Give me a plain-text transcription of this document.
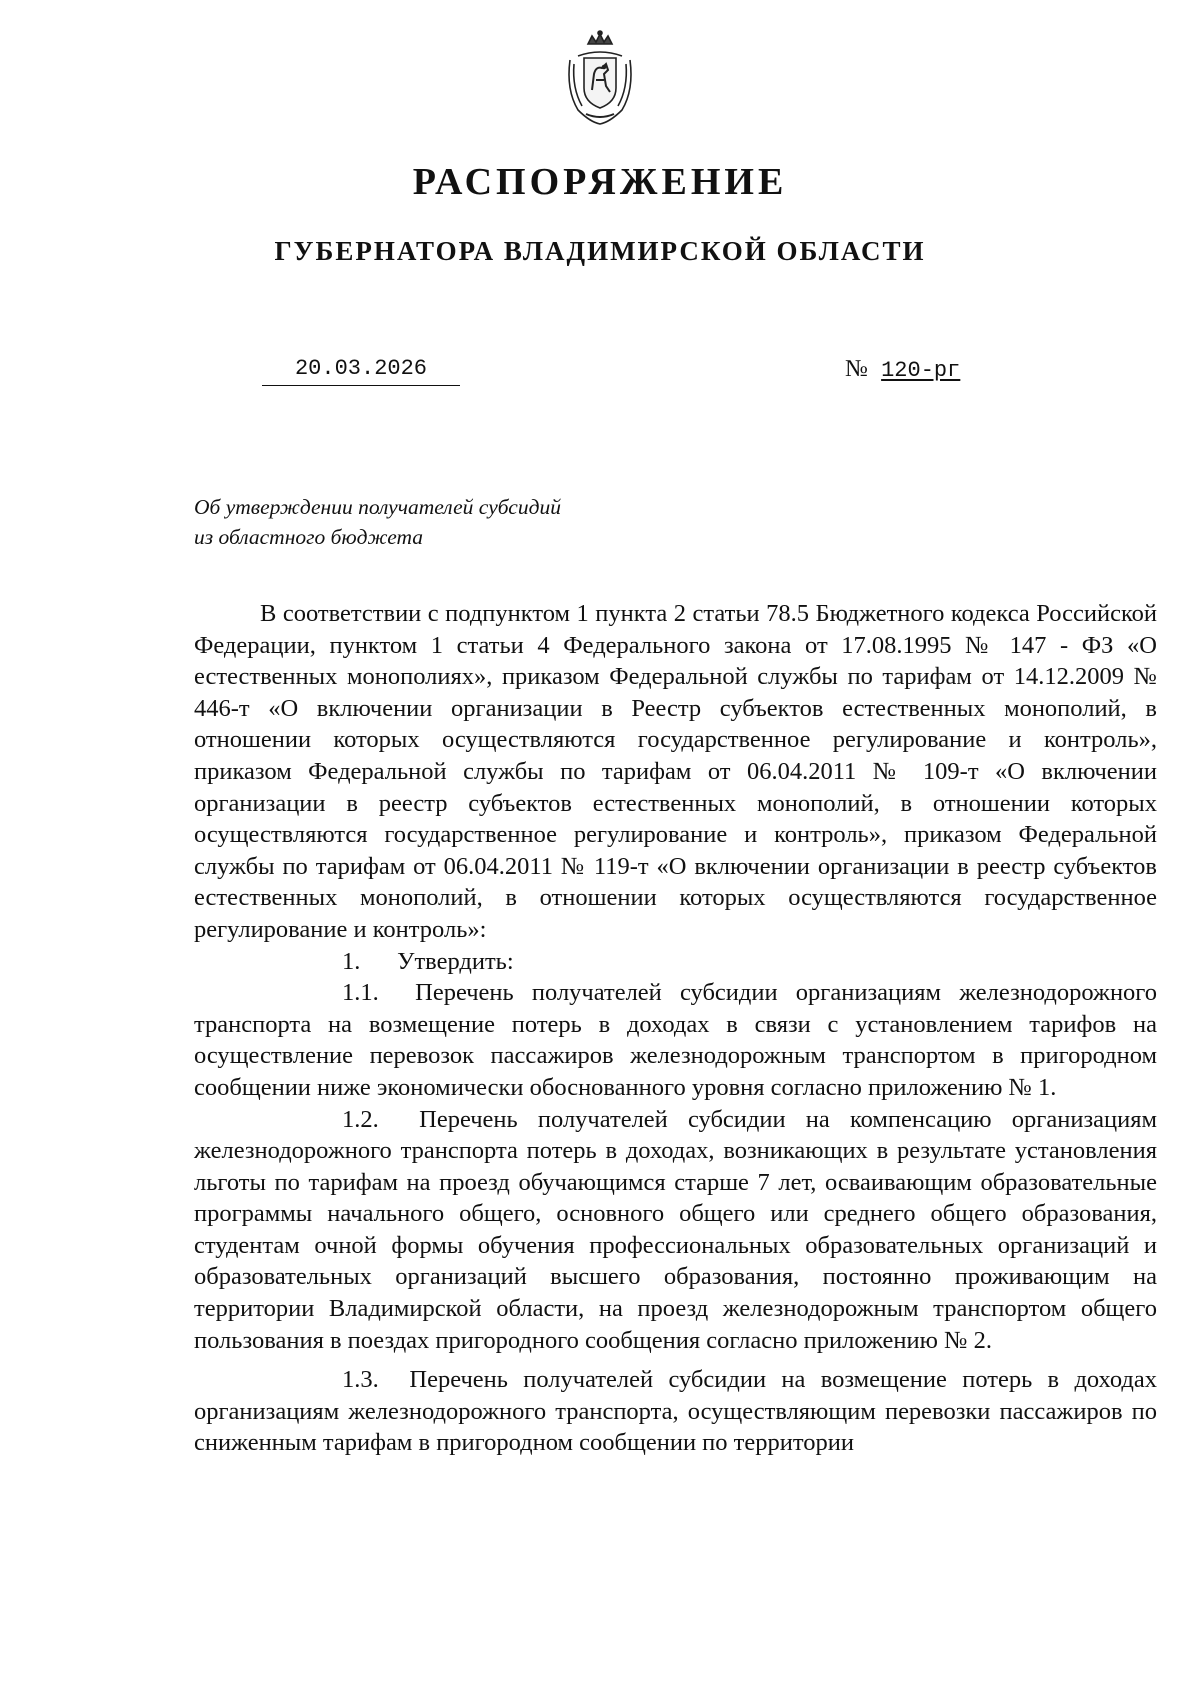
РАСПОРЯЖЕНИЕ
ГУБЕРНАТОРА ВЛАДИМИРСКОЙ ОБЛАСТИ
20.03.2026	№ 120-рг
Об утверждении получателей субсидий
из областного бюджета

В соответствии с подпунктом 1 пункта 2 статьи 78.5 Бюджетного кодекса Российской Федерации, пунктом 1 статьи 4 Федерального закона от 17.08.1995 № 147 - ФЗ «О естественных монополиях», приказом Федеральной службы по тарифам от 14.12.2009 № 446-т «О включении организации в Реестр субъектов естественных монополий, в отношении которых осуществляются государственное регулирование и контроль», приказом Федеральной службы по тарифам от 06.04.2011 № 109-т «О включении организации в реестр субъектов естественных монополий, в отношении которых осуществляются государственное регулирование и контроль», приказом Федеральной службы по тарифам от 06.04.2011 № 119-т «О включении организации в реестр субъектов естественных монополий, в отношении которых осуществляются государственное регулирование и контроль»:

1. Утвердить:

1.1. Перечень получателей субсидии организациям железнодорожного транспорта на возмещение потерь в доходах в связи с установлением тарифов на осуществление перевозок пассажиров железнодорожным транспортом в пригородном сообщении ниже экономически обоснованного уровня согласно приложению № 1.

1.2. Перечень получателей субсидии на компенсацию организациям железнодорожного транспорта потерь в доходах, возникающих в результате установления льготы по тарифам на проезд обучающимся старше 7 лет, осваивающим образовательные программы начального общего, основного общего или среднего общего образования, студентам очной формы обучения профессиональных образовательных организаций и образовательных организаций высшего образования, постоянно проживающим на территории Владимирской области, на проезд железнодорожным транспортом общего пользования в поездах пригородного сообщения согласно приложению № 2.

1.3. Перечень получателей субсидии на возмещение потерь в доходах организациям железнодорожного транспорта, осуществляющим перевозки пассажиров по сниженным тарифам в пригородном сообщении по территории
